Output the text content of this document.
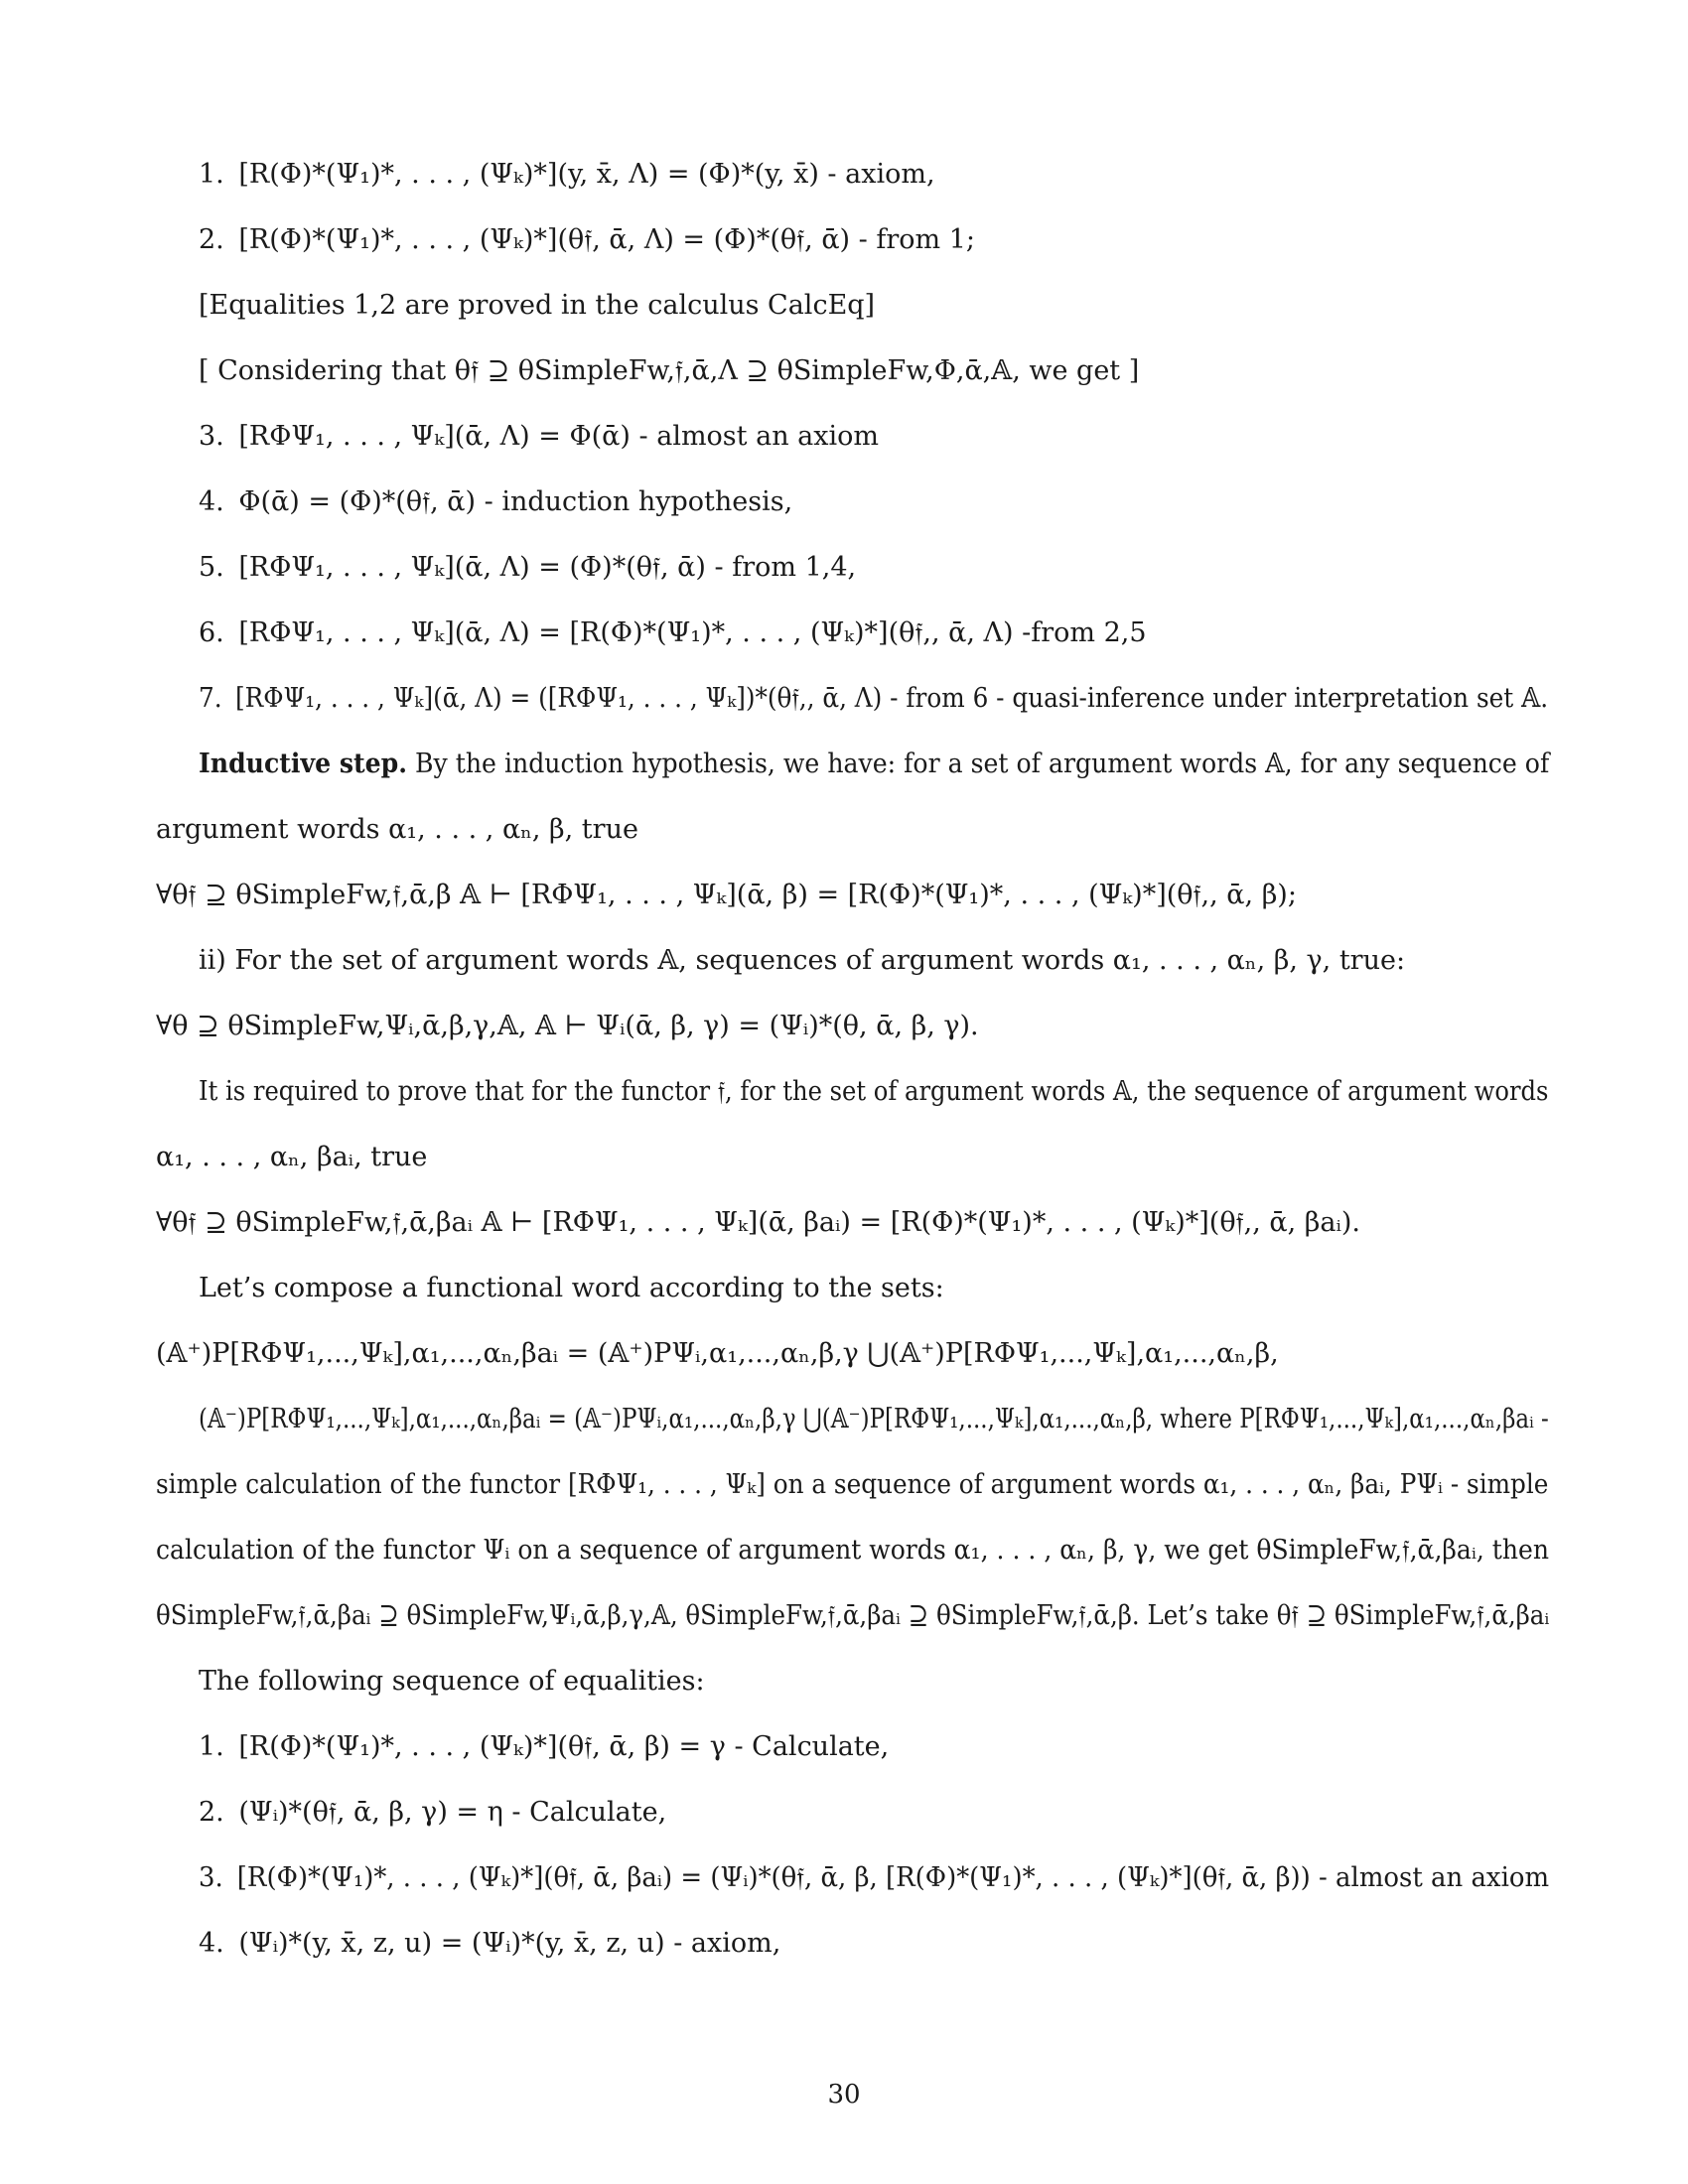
1. [R(Φ)*(Ψ₁)*, . . . , (Ψₖ)*](y, x̄, Λ) = (Φ)*(y, x̄) - axiom,
2. [R(Φ)*(Ψ₁)*, . . . , (Ψₖ)*](θ𝔣, ᾱ, Λ) = (Φ)*(θ𝔣, ᾱ) - from 1;
[Equalities 1,2 are proved in the calculus CalcEq]
[ Considering that θ𝔣 ⊇ θSimpleFw,𝔣,ᾱ,Λ ⊇ θSimpleFw,Φ,ᾱ,𝔸, we get ]
3. [RΦΨ₁, . . . , Ψₖ](ᾱ, Λ) = Φ(ᾱ) - almost an axiom
4. Φ(ᾱ) = (Φ)*(θ𝔣, ᾱ) - induction hypothesis,
5. [RΦΨ₁, . . . , Ψₖ](ᾱ, Λ) = (Φ)*(θ𝔣, ᾱ) - from 1,4,
6. [RΦΨ₁, . . . , Ψₖ](ᾱ, Λ) = [R(Φ)*(Ψ₁)*, . . . , (Ψₖ)*](θ𝔣,, ᾱ, Λ) -from 2,5
7. [RΦΨ₁, . . . , Ψₖ](ᾱ, Λ) = ([RΦΨ₁, . . . , Ψₖ])*(θ𝔣,, ᾱ, Λ) - from 6 - quasi-inference under interpretation set 𝔸.
Inductive step. By the induction hypothesis, we have: for a set of argument words 𝔸, for any sequence of
argument words α₁, . . . , αₙ, β, true
∀θ𝔣 ⊇ θSimpleFw,𝔣,ᾱ,β 𝔸 ⊢ [RΦΨ₁, . . . , Ψₖ](ᾱ, β) = [R(Φ)*(Ψ₁)*, . . . , (Ψₖ)*](θ𝔣,, ᾱ, β);
ii) For the set of argument words 𝔸, sequences of argument words α₁, . . . , αₙ, β, γ, true:
∀θ ⊇ θSimpleFw,Ψᵢ,ᾱ,β,γ,𝔸, 𝔸 ⊢ Ψᵢ(ᾱ, β, γ) = (Ψᵢ)*(θ, ᾱ, β, γ).
It is required to prove that for the functor 𝔣, for the set of argument words 𝔸, the sequence of argument words
α₁, . . . , αₙ, βaᵢ, true
∀θ𝔣 ⊇ θSimpleFw,𝔣,ᾱ,βaᵢ 𝔸 ⊢ [RΦΨ₁, . . . , Ψₖ](ᾱ, βaᵢ) = [R(Φ)*(Ψ₁)*, . . . , (Ψₖ)*](θ𝔣,, ᾱ, βaᵢ).
Let’s compose a functional word according to the sets:
(𝔸⁺)P[RΦΨ₁,...,Ψₖ],α₁,...,αₙ,βaᵢ = (𝔸⁺)PΨᵢ,α₁,...,αₙ,β,γ ⋃(𝔸⁺)P[RΦΨ₁,...,Ψₖ],α₁,...,αₙ,β,
(𝔸⁻)P[RΦΨ₁,...,Ψₖ],α₁,...,αₙ,βaᵢ = (𝔸⁻)PΨᵢ,α₁,...,αₙ,β,γ ⋃(𝔸⁻)P[RΦΨ₁,...,Ψₖ],α₁,...,αₙ,β, where P[RΦΨ₁,...,Ψₖ],α₁,...,αₙ,βaᵢ -
simple calculation of the functor [RΦΨ₁, . . . , Ψₖ] on a sequence of argument words α₁, . . . , αₙ, βaᵢ, PΨᵢ - simple
calculation of the functor Ψᵢ on a sequence of argument words α₁, . . . , αₙ, β, γ, we get θSimpleFw,𝔣,ᾱ,βaᵢ, then
θSimpleFw,𝔣,ᾱ,βaᵢ ⊇ θSimpleFw,Ψᵢ,ᾱ,β,γ,𝔸, θSimpleFw,𝔣,ᾱ,βaᵢ ⊇ θSimpleFw,𝔣,ᾱ,β. Let’s take θ𝔣 ⊇ θSimpleFw,𝔣,ᾱ,βaᵢ
The following sequence of equalities:
1. [R(Φ)*(Ψ₁)*, . . . , (Ψₖ)*](θ𝔣, ᾱ, β) = γ - Calculate,
2. (Ψᵢ)*(θ𝔣, ᾱ, β, γ) = η - Calculate,
3. [R(Φ)*(Ψ₁)*, . . . , (Ψₖ)*](θ𝔣, ᾱ, βaᵢ) = (Ψᵢ)*(θ𝔣, ᾱ, β, [R(Φ)*(Ψ₁)*, . . . , (Ψₖ)*](θ𝔣, ᾱ, β)) - almost an axiom
4. (Ψᵢ)*(y, x̄, z, u) = (Ψᵢ)*(y, x̄, z, u) - axiom,
30
